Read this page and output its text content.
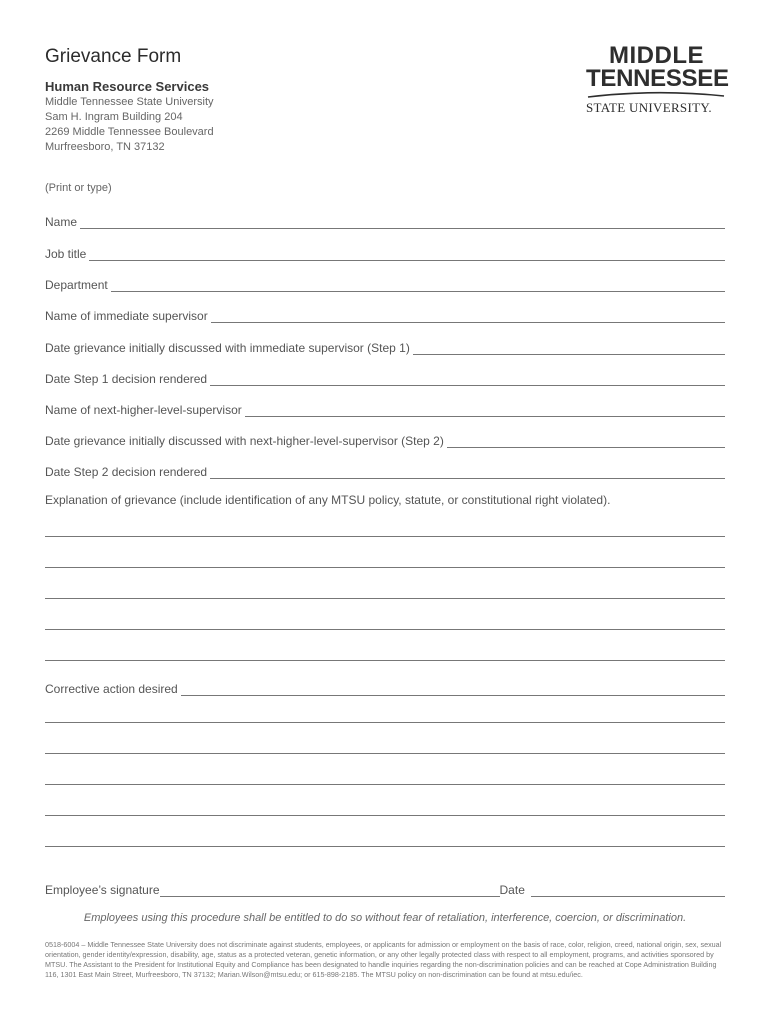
Grievance Form
Human Resource Services
Middle Tennessee State University
Sam H. Ingram Building 204
2269 Middle Tennessee Boulevard
Murfreesboro, TN 37132
MIDDLE
TENNESSEE
STATE UNIVERSITY.
(Print or type)
Name
Job title
Department
Name of immediate supervisor
Date grievance initially discussed with immediate supervisor (Step 1)
Date Step 1 decision rendered
Name of next-higher-level-supervisor
Date grievance initially discussed with next-higher-level-supervisor (Step 2)
Date Step 2 decision rendered
Explanation of grievance (include identification of any MTSU policy, statute, or constitutional right violated).
Corrective action desired
Employee’s signature	Date
Employees using this procedure shall be entitled to do so without fear of retaliation, interference, coercion, or discrimination.
0518-6004 – Middle Tennessee State University does not discriminate against students, employees, or applicants for admission or employment on the basis of race, color, religion, creed, national origin, sex, sexual orientation, gender identity/expression, disability, age, status as a protected veteran, genetic information, or any other legally protected class with respect to all employment, programs, and activities sponsored by MTSU. The Assistant to the President for Institutional Equity and Compliance has been designated to handle inquiries regarding the non-discrimination policies and can be reached at Cope Administration Building 116, 1301 East Main Street, Murfreesboro, TN 37132; Marian.Wilson@mtsu.edu; or 615-898-2185. The MTSU policy on non-discrimination can be found at mtsu.edu/iec.
